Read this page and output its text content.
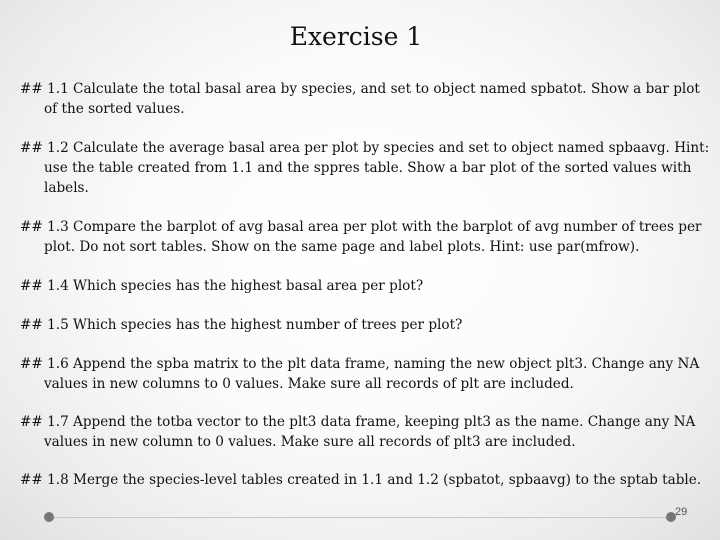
Exercise 1

## 1.1 Calculate the total basal area by species, and set to object named spbatot. Show a bar plot of the sorted values.

## 1.2 Calculate the average basal area per plot by species and set to object named spbaavg. Hint: use the table created from 1.1 and the sppres table. Show a bar plot of the sorted values with labels.

## 1.3 Compare the barplot of avg basal area per plot with the barplot of avg number of trees per plot. Do not sort tables. Show on the same page and label plots. Hint: use par(mfrow).

## 1.4 Which species has the highest basal area per plot?

## 1.5 Which species has the highest number of trees per plot?

## 1.6 Append the spba matrix to the plt data frame, naming the new object plt3. Change any NA values in new columns to 0 values. Make sure all records of plt are included.

## 1.7 Append the totba vector to the plt3 data frame, keeping plt3 as the name. Change any NA values in new column to 0 values. Make sure all records of plt3 are included.

## 1.8 Merge the species-level tables created in 1.1 and 1.2 (spbatot, spbaavg) to the sptab table.

29
